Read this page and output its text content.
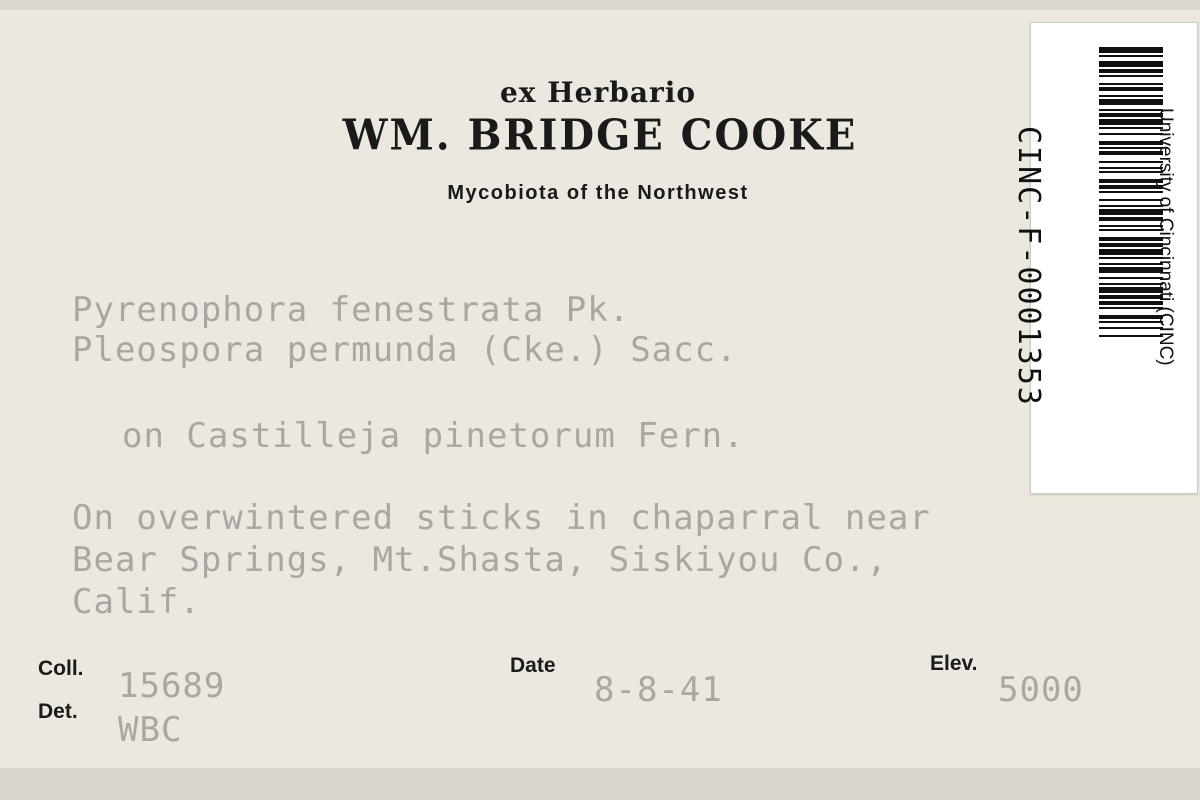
ex Herbario
WM. BRIDGE COOKE
Mycobiota of the Northwest
Pyrenophora fenestrata Pk.
Pleospora permunda (Cke.) Sacc.
on Castilleja pinetorum Fern.
On overwintered sticks in chaparral near
Bear Springs, Mt.Shasta, Siskiyou Co.,
Calif.
Coll. 15689
Det. WBC
Date
8-8-41
Elev.
5000
University of Cincinnati (CINC)
CINC-F-0001353
